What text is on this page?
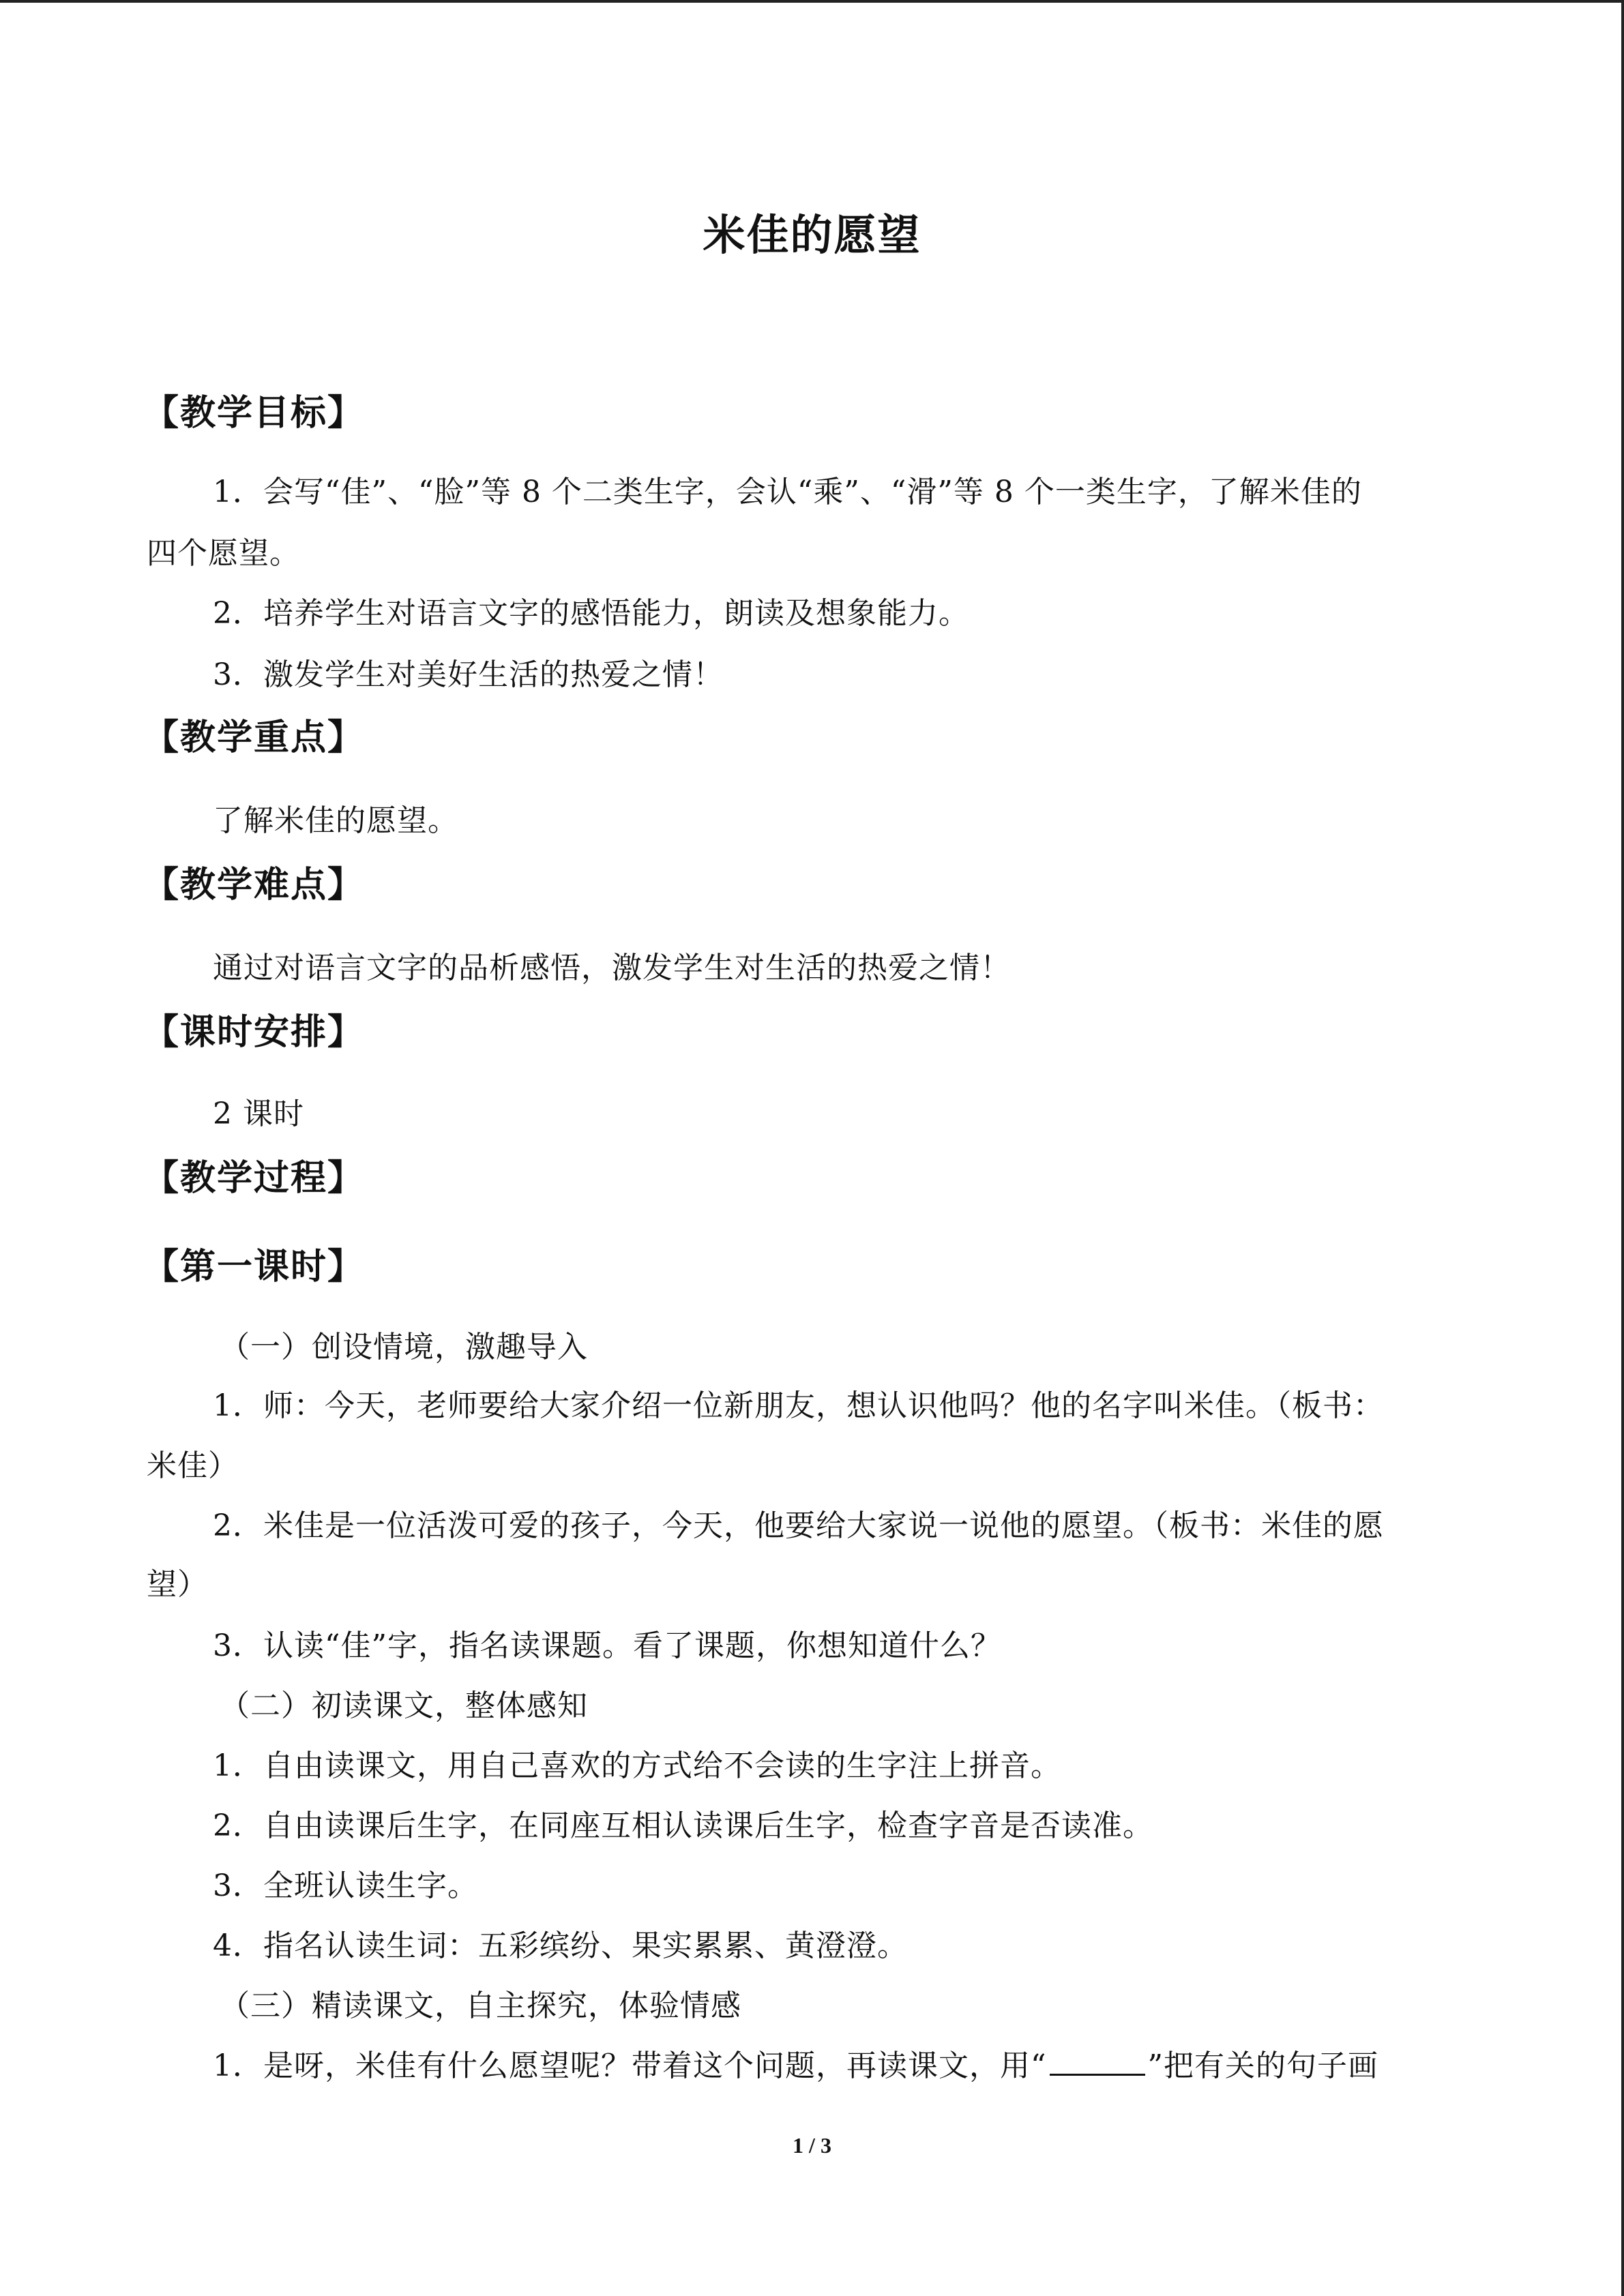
米佳的愿望
【教学目标】
1．会写“佳”、“脸”等 8 个二类生字，会认“乘”、“滑”等 8 个一类生字，了解米佳的
四个愿望。
2．培养学生对语言文字的感悟能力，朗读及想象能力。
3．激发学生对美好生活的热爱之情！
【教学重点】
了解米佳的愿望。
【教学难点】
通过对语言文字的品析感悟，激发学生对生活的热爱之情！
【课时安排】
2 课时
【教学过程】
【第一课时】
（一）创设情境，激趣导入
1．师：今天，老师要给大家介绍一位新朋友，想认识他吗？他的名字叫米佳。（板书：
米佳）
2．米佳是一位活泼可爱的孩子，今天，他要给大家说一说他的愿望。（板书：米佳的愿
望）
3．认读“佳”字，指名读课题。看了课题，你想知道什么？
（二）初读课文，整体感知
1．自由读课文，用自己喜欢的方式给不会读的生字注上拼音。
2．自由读课后生字，在同座互相认读课后生字，检查字音是否读准。
3．全班认读生字。
4．指名认读生词：五彩缤纷、果实累累、黄澄澄。
（三）精读课文，自主探究，体验情感
1．是呀，米佳有什么愿望呢？带着这个问题，再读课文，用“	”把有关的句子画
1 / 3
